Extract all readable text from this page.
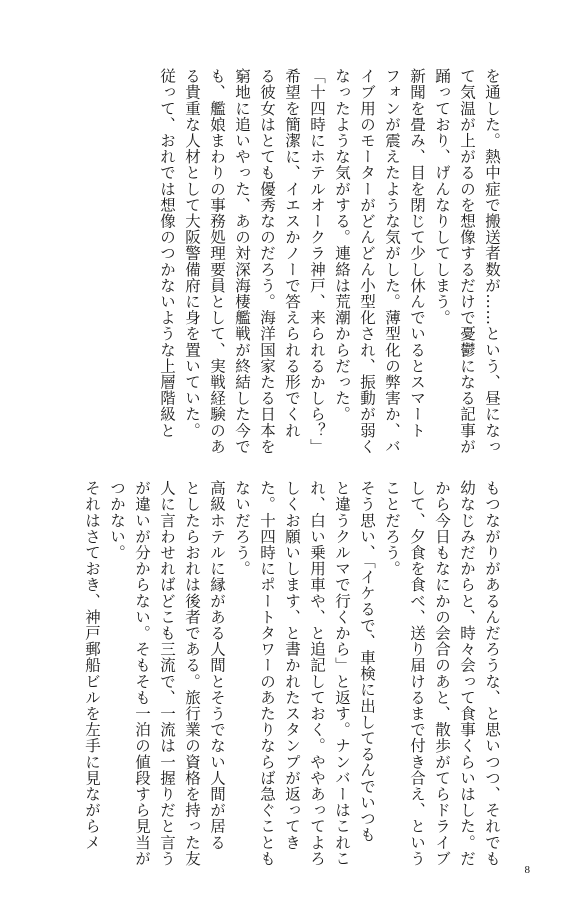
を通した。熱中症で搬送者数が……という、昼になっ
て気温が上がるのを想像するだけで憂鬱になる記事が
踊っており、げんなりしてしまう。
新聞を畳み、目を閉じて少し休んでいるとスマート
フォンが震えたような気がした。薄型化の弊害か、バ
イブ用のモーターがどんどん小型化され、振動が弱く
なったような気がする。連絡は荒潮からだった。
「十四時にホテルオークラ神戸、来られるかしら？」
希望を簡潔に、イエスかノーで答えられる形でくれ
る彼女はとても優秀なのだろう。海洋国家たる日本を
窮地に追いやった、あの対深海棲艦戦が終結した今で
も、艦娘まわりの事務処理要員として、実戦経験のあ
る貴重な人材として大阪警備府に身を置いていた。
従って、おれでは想像のつかないような上層階級と
もつながりがあるんだろうな、と思いつつ、それでも
幼なじみだからと、時々会って食事くらいはした。だ
から今日もなにかの会合のあと、散歩がてらドライブ
して、夕食を食べ、送り届けるまで付き合え、という
ことだろう。
そう思い、「イケるで、車検に出してるんでいつも
と違うクルマで行くから」と返す。ナンバーはこれこ
れ、白い乗用車や、と追記しておく。ややあってよろ
しくお願いします、と書かれたスタンプが返ってき
た。十四時にポートタワーのあたりならば急ぐことも
ないだろう。
高級ホテルに縁がある人間とそうでない人間が居る
としたらおれは後者である。旅行業の資格を持った友
人に言わせればどこも三流で、一流は一握りだと言う
が違いが分からない。そもそも一泊の値段すら見当が
つかない。
それはさておき、神戸郵船ビルを左手に見ながらメ
8
